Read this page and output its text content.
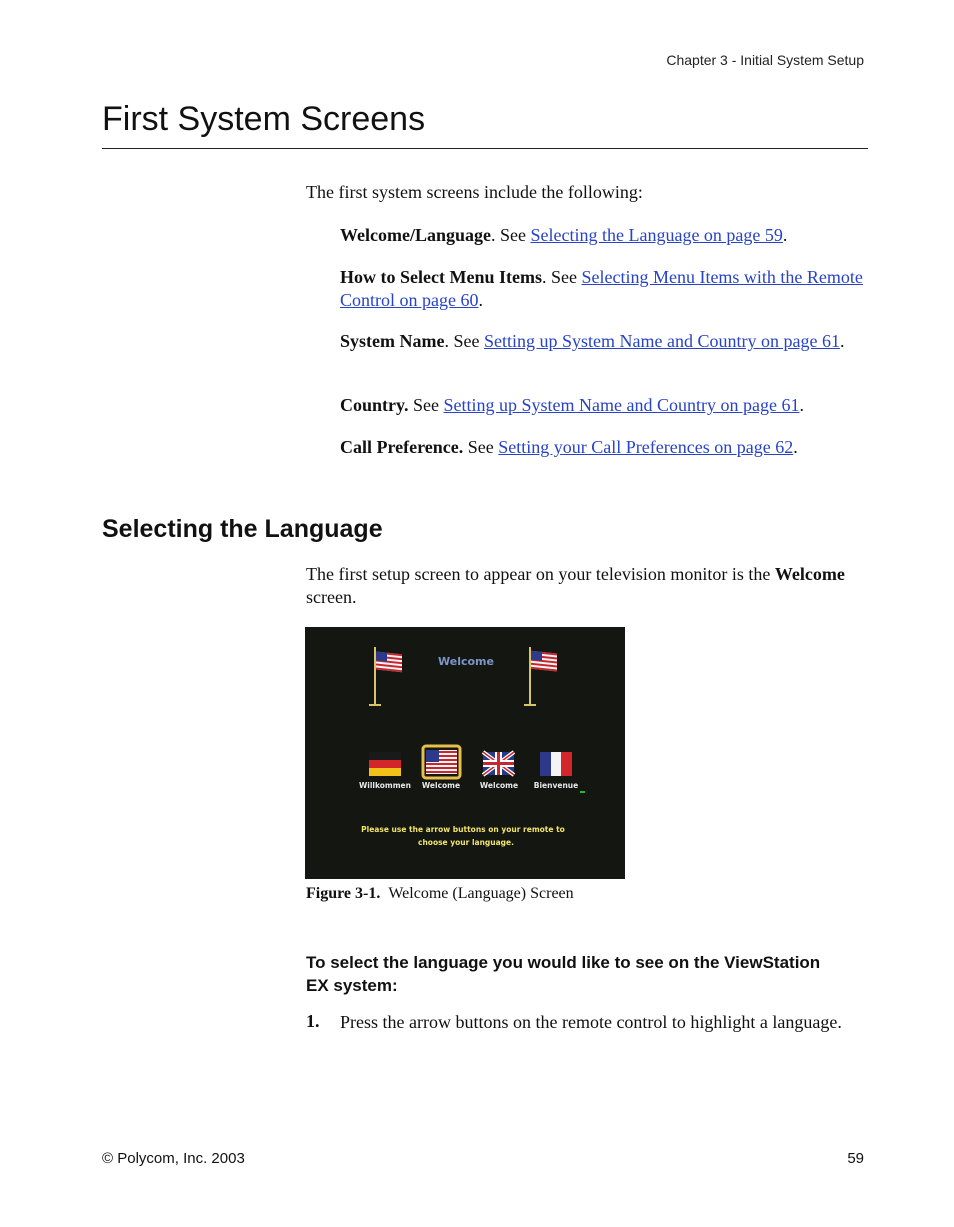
Chapter 3 - Initial System Setup
First System Screens
The first system screens include the following:
Welcome/Language. See Selecting the Language on page 59.
How to Select Menu Items. See Selecting Menu Items with the Remote Control on page 60.
System Name. See Setting up System Name and Country on page 61.
Country. See Setting up System Name and Country on page 61.
Call Preference. See Setting your Call Preferences on page 62.
Selecting the Language
The first setup screen to appear on your television monitor is the Welcome screen.
Welcome
Willkommen Welcome	Welcome Bienvenue
Please use the arrow buttons on your remote to
choose your language.
Figure 3-1. Welcome (Language) Screen
To select the language you would like to see on the ViewStation EX system:
1. Press the arrow buttons on the remote control to highlight a language.
© Polycom, Inc. 2003	59
